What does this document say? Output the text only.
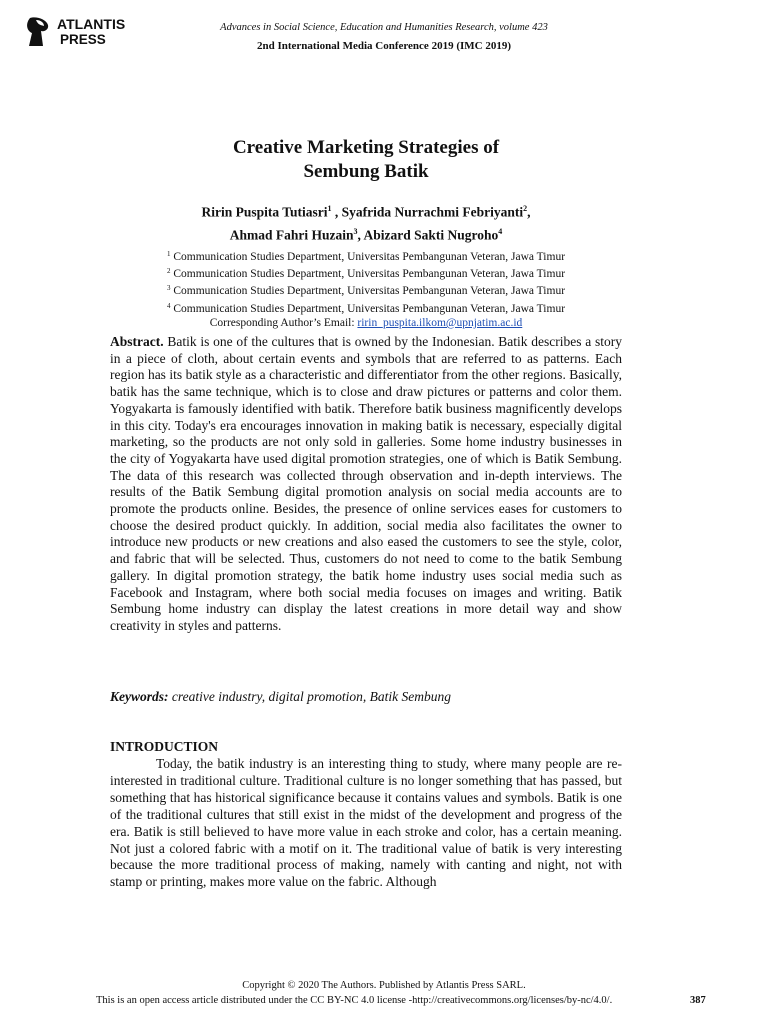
ATLANTIS
PRESS
Advances in Social Science, Education and Humanities Research, volume 423
2nd International Media Conference 2019 (IMC 2019)
Creative Marketing Strategies of
Sembung Batik
Ririn Puspita Tutiasri$^1$ , Syafrida Nurrachmi Febriyanti$^2$,
Ahmad Fahri Huzain$^3$, Abizard Sakti Nugroho$^4$
$^1$ Communication Studies Department, Universitas Pembangunan Veteran, Jawa Timur
$^2$ Communication Studies Department, Universitas Pembangunan Veteran, Jawa Timur
$^3$ Communication Studies Department, Universitas Pembangunan Veteran, Jawa Timur
$^4$ Communication Studies Department, Universitas Pembangunan Veteran, Jawa Timur
Corresponding Author’s Email: ririn_puspita.ilkom@upnjatim.ac.id

Abstract. Batik is one of the cultures that is owned by the Indonesian. Batik describes a story in a piece of cloth, about certain events and symbols that are referred to as patterns. Each region has its batik style as a characteristic and differentiator from the other regions. Basically, batik has the same technique, which is to close and draw pictures or patterns and color them. Yogyakarta is famously identified with batik. Therefore batik business magnificently develops in this city. Today's era encourages innovation in making batik is necessary, especially digital marketing, so the products are not only sold in galleries. Some home industry businesses in the city of Yogyakarta have used digital promotion strategies, one of which is Batik Sembung. The data of this research was collected through observation and in-depth interviews. The results of the Batik Sembung digital promotion analysis on social media accounts are to promote the products online. Besides, the presence of online services eases for customers to choose the desired product quickly. In addition, social media also facilitates the owner to introduce new products or new creations and also eased the customers to see the style, color, and fabric that will be selected. Thus, customers do not need to come to the batik Sembung gallery. In digital promotion strategy, the batik home industry uses social media such as Facebook and Instagram, where both social media focuses on images and writing. Batik Sembung home industry can display the latest creations in more detail way and show creativity in styles and patterns.

Keywords: creative industry, digital promotion, Batik Sembung

INTRODUCTION

Today, the batik industry is an interesting thing to study, where many people are re-interested in traditional culture. Traditional culture is no longer something that has passed, but something that has historical significance because it contains values and symbols. Batik is one of the traditional cultures that still exist in the midst of the development and progress of the era. Batik is still believed to have more value in each stroke and color, has a certain meaning. Not just a colored fabric with a motif on it. The traditional value of batik is very interesting because the more traditional process of making, namely with canting and night, not with stamp or printing, makes more value on the fabric. Although

Copyright © 2020 The Authors. Published by Atlantis Press SARL.
This is an open access article distributed under the CC BY-NC 4.0 license -http://creativecommons.org/licenses/by-nc/4.0/.	387
